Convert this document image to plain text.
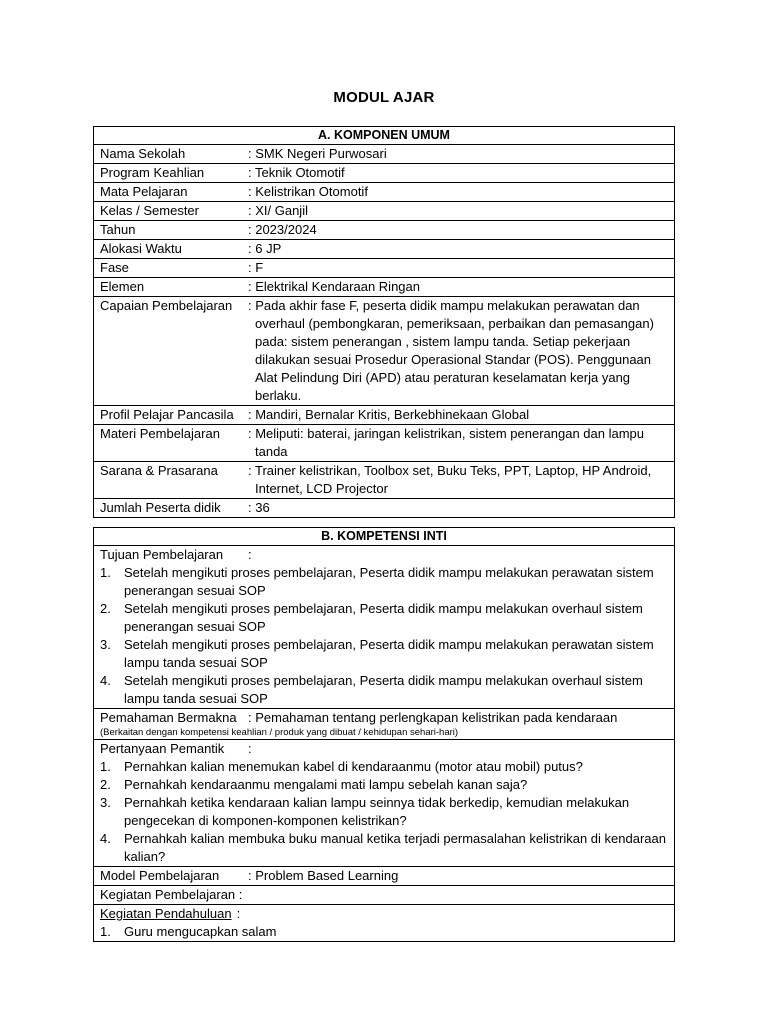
MODUL AJAR
A. KOMPONEN UMUM

Nama Sekolah	: SMK Negeri Purwosari

Program Keahlian	: Teknik Otomotif

Mata Pelajaran	: Kelistrikan Otomotif

Kelas / Semester	: XI/ Ganjil

Tahun	: 2023/2024

Alokasi Waktu	: 6 JP

Fase	: F

Elemen	: Elektrikal Kendaraan Ringan

Capaian Pembelajaran	: Pada akhir fase F, peserta didik mampu melakukan perawatan dan overhaul (pembongkaran, pemeriksaan, perbaikan dan pemasangan) pada: sistem penerangan , sistem lampu tanda. Setiap pekerjaan dilakukan sesuai Prosedur Operasional Standar (POS). Penggunaan Alat Pelindung Diri (APD) atau peraturan keselamatan kerja yang berlaku.

Profil Pelajar Pancasila	: Mandiri, Bernalar Kritis, Berkebhinekaan Global

Materi Pembelajaran	: Meliputi: baterai, jaringan kelistrikan, sistem penerangan dan lampu tanda

Sarana & Prasarana	: Trainer kelistrikan, Toolbox set, Buku Teks, PPT, Laptop, HP Android, Internet, LCD Projector

Jumlah Peserta didik	: 36
B. KOMPETENSI INTI

Tujuan Pembelajaran	:
1.	Setelah mengikuti proses pembelajaran, Peserta didik mampu melakukan perawatan sistem penerangan sesuai SOP
2.	Setelah mengikuti proses pembelajaran, Peserta didik mampu melakukan overhaul sistem penerangan sesuai SOP
3.	Setelah mengikuti proses pembelajaran, Peserta didik mampu melakukan perawatan sistem lampu tanda sesuai SOP
4.	Setelah mengikuti proses pembelajaran, Peserta didik mampu melakukan overhaul sistem lampu tanda sesuai SOP

Pemahaman Bermakna : Pemahaman tentang perlengkapan kelistrikan pada kendaraan
(Berkaitan dengan kompetensi keahlian / produk yang dibuat / kehidupan sehari-hari)

Pertanyaan Pemantik	:
1.	Pernahkan kalian menemukan kabel di kendaraanmu (motor atau mobil) putus?
2.	Pernahkah kendaraanmu mengalami mati lampu sebelah kanan saja?
3.	Pernahkah ketika kendaraan kalian lampu seinnya tidak berkedip, kemudian melakukan pengecekan di komponen-komponen kelistrikan?
4.	Pernahkah kalian membuka buku manual ketika terjadi permasalahan kelistrikan di kendaraan kalian?

Model Pembelajaran	: Problem Based Learning

Kegiatan Pembelajaran :

Kegiatan Pendahuluan :
1.	Guru mengucapkan salam
